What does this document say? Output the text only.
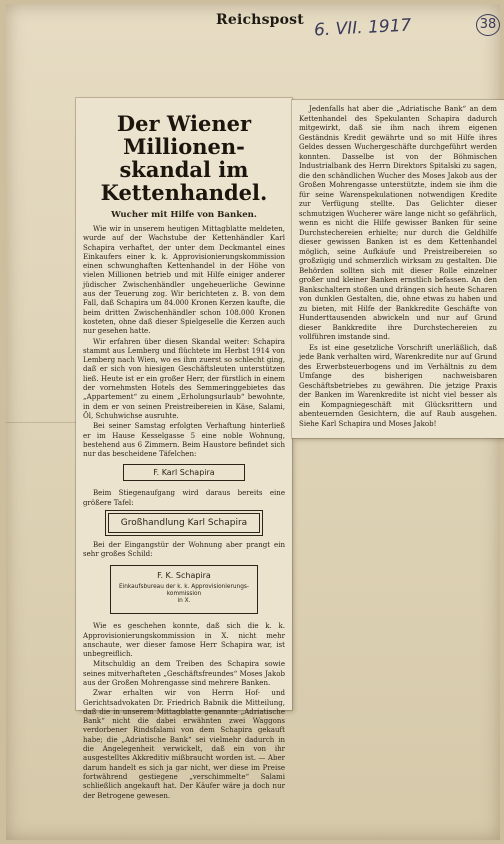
Reichspost 6. VII. 1917	38
Der Wiener Millionen-
skandal im Kettenhandel.
Wucher mit Hilfe von Banken.

Wie wir in unserem heutigen Mittagblatte meldeten, wurde auf der Wachstube der Kettenhändler Karl Schapira verhaftet, der unter dem Deckmantel eines Einkaufers einer k. k. Approvisionierungskommission einen schwunghaften Kettenhandel in der Höhe von vielen Millionen betrieb und mit Hilfe einiger anderer jüdischer Zwischenhändler ungeheuerliche Gewinne aus der Teuerung zog. Wir berichteten z. B. von dem Fall, daß Schapira um 84.000 Kronen Kerzen kaufte, die beim dritten Zwischenhändler schon 108.000 Kronen kosteten, ohne daß dieser Spielgeselle die Kerzen auch nur gesehen hatte.

Wir erfahren über diesen Skandal weiter: Schapira stammt aus Lemberg und flüchtete im Herbst 1914 von Lemberg nach Wien, wo es ihm zuerst so schlecht ging, daß er sich von hiesigen Geschäftsleuten unterstützen ließ. Heute ist er ein großer Herr, der fürstlich in einem der vornehmsten Hotels des Semmeringgebietes das „Appartement“ zu einem „Erholungsurlaub“ bewohnte, in dem er von seinen Preistreibereien in Käse, Salami, Öl, Schuhwichse ausruhte.

Bei seiner Samstag erfolgten Verhaftung hinterließ er im Hause Kesselgasse 5 eine noble Wohnung, bestehend aus 6 Zimmern. Beim Haustore befindet sich nur das bescheidene Täfelchen:

F. Karl Schapira

Beim Stiegenaufgang wird daraus bereits eine größere Tafel:

Großhandlung Karl Schapira

Bei der Eingangstür der Wohnung aber prangt ein sehr großes Schild:

F. K. Schapira
Einkaufsbureau der k. k. Approvisionierungs-
kommission
in X.

Wie es geschehen konnte, daß sich die k. k. Approvisionierungskommission in X. nicht mehr anschaute, wer dieser famose Herr Schapira war, ist unbegreiflich.

Mitschuldig an dem Treiben des Schapira sowie seines mitverhafteten „Geschäftsfreundes“ Moses Jakob aus der Großen Mohrengasse sind mehrere Banken.

Zwar erhalten wir von Herrn Hof- und Gerichtsadvokaten Dr. Friedrich Babnik die Mitteilung, daß die in unserem Mittagblatte genannte „Adriatische Bank“ nicht die dabei erwähnten zwei Waggons verdorbener Rindsfalami von dem Schapira gekauft habe; die „Adriatische Bank“ sei vielmehr dadurch in die Angelegenheit verwickelt, daß ein von ihr ausgestelltes Akkreditiv mißbraucht worden ist. — Aber darum handelt es sich ja gar nicht, wer diese im Preise fortwährend gestiegene „verschimmelte“ Salami schließlich angekauft hat. Der Käufer wäre ja doch nur der Betrogene gewesen.

Jedenfalls hat aber die „Adriatische Bank“ an dem Kettenhandel des Spekulanten Schapira dadurch mitgewirkt, daß sie ihm nach ihrem eigenen Geständnis Kredit gewährte und so mit Hilfe ihres Geldes dessen Wuchergeschäfte durchgeführt werden konnten. Dasselbe ist von der Böhmischen Industrialbank des Herrn Direktors Spitalski zu sagen, die den schändlichen Wucher des Moses Jakob aus der Großen Mohrengasse unterstützte, indem sie ihm die für seine Warenspekulationen notwendigen Kredite zur Verfügung stellte. Das Gelichter dieser schmutzigen Wucherer wäre lange nicht so gefährlich, wenn es nicht die Hilfe gewisser Banken für seine Durchstechereien erhielte; nur durch die Geldhilfe dieser gewissen Banken ist es dem Kettenhandel möglich, seine Aufkäufe und Preistreibereien so großzügig und schmerzlich wirksam zu gestalten. Die Behörden sollten sich mit dieser Rolle einzelner großer und kleiner Banken ernstlich befassen. An den Bankschaltern stoßen und drängen sich heute Scharen von dunklen Gestalten, die, ohne etwas zu haben und zu bieten, mit Hilfe der Bankkredite Geschäfte von Hunderttausenden abwickeln und nur auf Grund dieser Bankkredite ihre Durchstechereien zu vollführen imstande sind.

Es ist eine gesetzliche Vorschrift unerläßlich, daß jede Bank verhalten wird, Warenkredite nur auf Grund des Erwerbsteuerbogens und im Verhältnis zu dem Umfange des bisherigen nachweisbaren Geschäftsbetriebes zu gewähren. Die jetzige Praxis der Banken im Warenkredite ist nicht viel besser als ein Kompagniegeschäft mit Glücksrittern und abenteuernden Gesichtern, die auf Raub ausgehen. Siehe Karl Schapira und Moses Jakob!
